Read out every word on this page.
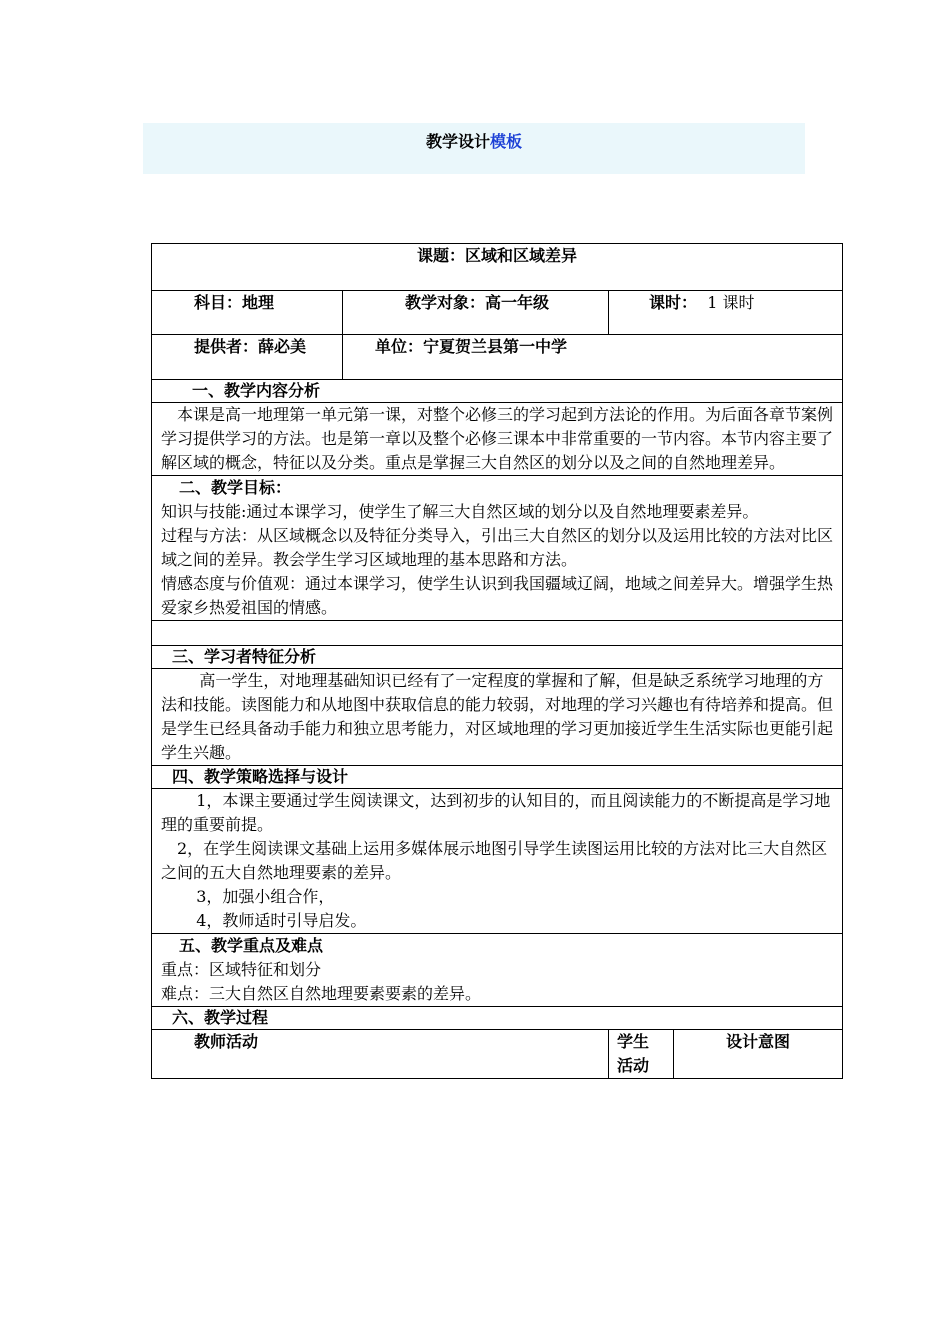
教学设计模板
课题：区域和区域差异			
科目：地理	教学对象：高一年级	课时： 1 课时	
提供者：薛必美	单位：宁夏贺兰县第一中学		
一、教学内容分析			

本课是高一地理第一单元第一课，对整个必修三的学习起到方法论的作用。为后面各章节案例学习提供学习的方法。也是第一章以及整个必修三课本中非常重要的一节内容。本节内容主要了解区域的概念，特征以及分类。重点是掌握三大自然区的划分以及之间的自然地理差异。			

二、教学目标：

知识与技能:通过本课学习，使学生了解三大自然区域的划分以及自然地理要素差异。

过程与方法：从区域概念以及特征分类导入，引出三大自然区的划分以及运用比较的方法对比区域之间的差异。教会学生学习区域地理的基本思路和方法。

情感态度与价值观：通过本课学习，使学生认识到我国疆域辽阔，地域之间差异大。增强学生热爱家乡热爱祖国的情感。			

三、学习者特征分析			

高一学生，对地理基础知识已经有了一定程度的掌握和了解，但是缺乏系统学习地理的方法和技能。读图能力和从地图中获取信息的能力较弱，对地理的学习兴趣也有待培养和提高。但是学生已经具备动手能力和独立思考能力，对区域地理的学习更加接近学生生活实际也更能引起学生兴趣。			

四、教学策略选择与设计			

1，本课主要通过学生阅读课文，达到初步的认知目的，而且阅读能力的不断提高是学习地理的重要前提。

2，在学生阅读课文基础上运用多媒体展示地图引导学生读图运用比较的方法对比三大自然区之间的五大自然地理要素的差异。

3，加强小组合作，

4，教师适时引导启发。			

五、教学重点及难点

重点：区域特征和划分

难点：三大自然区自然地理要素要素的差异。			

六、教学过程			
教师活动		学生活动	设计意图
